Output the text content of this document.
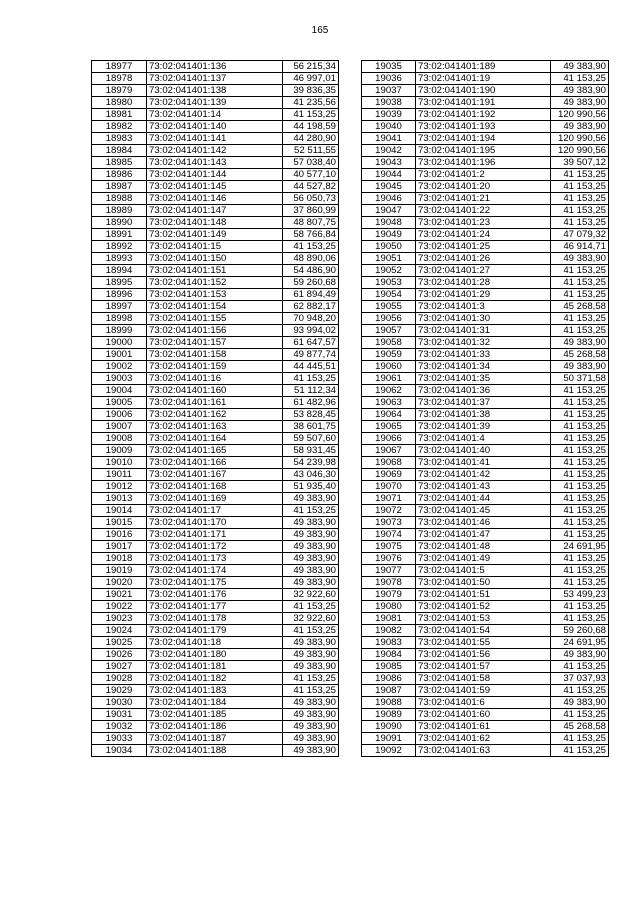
165
18977	73:02:041401:136	56 215,34
18978	73:02:041401:137	46 997,01
18979	73:02:041401:138	39 836,35
18980	73:02:041401:139	41 235,56
18981	73:02:041401:14	41 153,25
18982	73:02:041401:140	44 198,59
18983	73:02:041401:141	44 280,90
18984	73:02:041401:142	52 511,55
18985	73:02:041401:143	57 038,40
18986	73:02:041401:144	40 577,10
18987	73:02:041401:145	44 527,82
18988	73:02:041401:146	56 050,73
18989	73:02:041401:147	37 860,99
18990	73:02:041401:148	48 807,75
18991	73:02:041401:149	58 766,84
18992	73:02:041401:15	41 153,25
18993	73:02:041401:150	48 890,06
18994	73:02:041401:151	54 486,90
18995	73:02:041401:152	59 260,68
18996	73:02:041401:153	61 894,49
18997	73:02:041401:154	62 882,17
18998	73:02:041401:155	70 948,20
18999	73:02:041401:156	93 994,02
19000	73:02:041401:157	61 647,57
19001	73:02:041401:158	49 877,74
19002	73:02:041401:159	44 445,51
19003	73:02:041401:16	41 153,25
19004	73:02:041401:160	51 112,34
19005	73:02:041401:161	61 482,96
19006	73:02:041401:162	53 828,45
19007	73:02:041401:163	38 601,75
19008	73:02:041401:164	59 507,60
19009	73:02:041401:165	58 931,45
19010	73:02:041401:166	54 239,98
19011	73:02:041401:167	43 046,30
19012	73:02:041401:168	51 935,40
19013	73:02:041401:169	49 383,90
19014	73:02:041401:17	41 153,25
19015	73:02:041401:170	49 383,90
19016	73:02:041401:171	49 383,90
19017	73:02:041401:172	49 383,90
19018	73:02:041401:173	49 383,90
19019	73:02:041401:174	49 383,90
19020	73:02:041401:175	49 383,90
19021	73:02:041401:176	32 922,60
19022	73:02:041401:177	41 153,25
19023	73:02:041401:178	32 922,60
19024	73:02:041401:179	41 153,25
19025	73:02:041401:18	49 383,90
19026	73:02:041401:180	49 383,90
19027	73:02:041401:181	49 383,90
19028	73:02:041401:182	41 153,25
19029	73:02:041401:183	41 153,25
19030	73:02:041401:184	49 383,90
19031	73:02:041401:185	49 383,90
19032	73:02:041401:186	49 383,90
19033	73:02:041401:187	49 383,90
19034	73:02:041401:188	49 383,90
19035	73:02:041401:189	49 383,90
19036	73:02:041401:19	41 153,25
19037	73:02:041401:190	49 383,90
19038	73:02:041401:191	49 383,90
19039	73:02:041401:192	120 990,56
19040	73:02:041401:193	49 383,90
19041	73:02:041401:194	120 990,56
19042	73:02:041401:195	120 990,56
19043	73:02:041401:196	39 507,12
19044	73:02:041401:2	41 153,25
19045	73:02:041401:20	41 153,25
19046	73:02:041401:21	41 153,25
19047	73:02:041401:22	41 153,25
19048	73:02:041401:23	41 153,25
19049	73:02:041401:24	47 079,32
19050	73:02:041401:25	46 914,71
19051	73:02:041401:26	49 383,90
19052	73:02:041401:27	41 153,25
19053	73:02:041401:28	41 153,25
19054	73:02:041401:29	41 153,25
19055	73:02:041401:3	45 268,58
19056	73:02:041401:30	41 153,25
19057	73:02:041401:31	41 153,25
19058	73:02:041401:32	49 383,90
19059	73:02:041401:33	45 268,58
19060	73:02:041401:34	49 383,90
19061	73:02:041401:35	50 371,58
19062	73:02:041401:36	41 153,25
19063	73:02:041401:37	41 153,25
19064	73:02:041401:38	41 153,25
19065	73:02:041401:39	41 153,25
19066	73:02:041401:4	41 153,25
19067	73:02:041401:40	41 153,25
19068	73:02:041401:41	41 153,25
19069	73:02:041401:42	41 153,25
19070	73:02:041401:43	41 153,25
19071	73:02:041401:44	41 153,25
19072	73:02:041401:45	41 153,25
19073	73:02:041401:46	41 153,25
19074	73:02:041401:47	41 153,25
19075	73:02:041401:48	24 691,95
19076	73:02:041401:49	41 153,25
19077	73:02:041401:5	41 153,25
19078	73:02:041401:50	41 153,25
19079	73:02:041401:51	53 499,23
19080	73:02:041401:52	41 153,25
19081	73:02:041401:53	41 153,25
19082	73:02:041401:54	59 260,68
19083	73:02:041401:55	24 691,95
19084	73:02:041401:56	49 383,90
19085	73:02:041401:57	41 153,25
19086	73:02:041401:58	37 037,93
19087	73:02:041401:59	41 153,25
19088	73:02:041401:6	49 383,90
19089	73:02:041401:60	41 153,25
19090	73:02:041401:61	45 268,58
19091	73:02:041401:62	41 153,25
19092	73:02:041401:63	41 153,25
